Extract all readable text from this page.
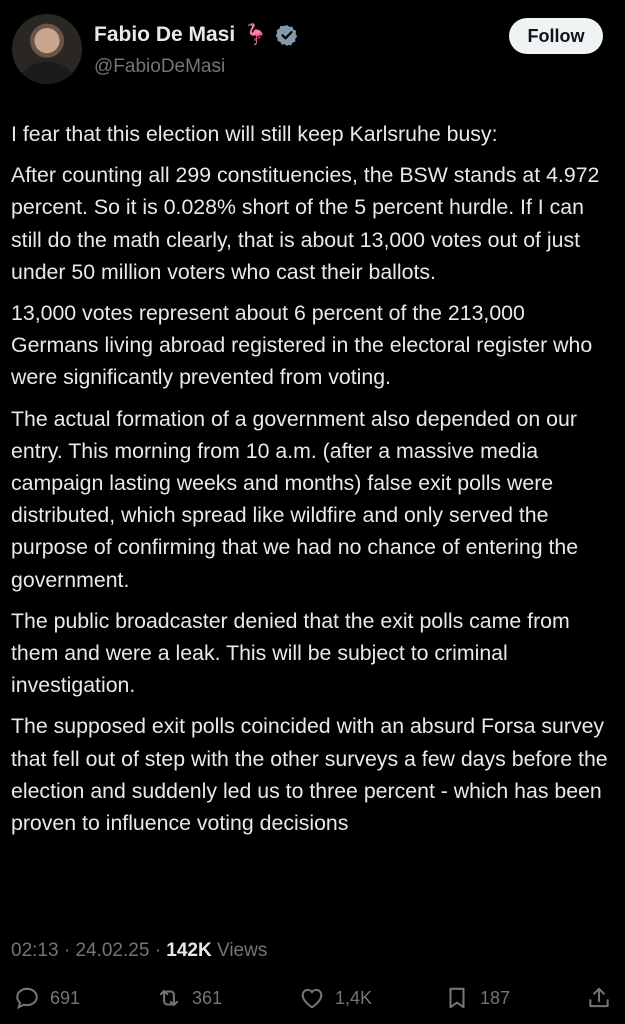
Fabio De Masi 🦩
@FabioDeMasi
Follow

I fear that this election will still keep Karlsruhe busy:

After counting all 299 constituencies, the BSW stands at 4.972 percent. So it is 0.028% short of the 5 percent hurdle. If I can still do the math clearly, that is about 13,000 votes out of just under 50 million voters who cast their ballots.

13,000 votes represent about 6 percent of the 213,000 Germans living abroad registered in the electoral register who were significantly prevented from voting.

The actual formation of a government also depended on our entry. This morning from 10 a.m. (after a massive media campaign lasting weeks and months) false exit polls were distributed, which spread like wildfire and only served the purpose of confirming that we had no chance of entering the government.

The public broadcaster denied that the exit polls came from them and were a leak. This will be subject to criminal investigation.

The supposed exit polls coincided with an absurd Forsa survey that fell out of step with the other surveys a few days before the election and suddenly led us to three percent - which has been proven to influence voting decisions

02:13 · 24.02.25 · 142K Views
691	361	1,4K	187
